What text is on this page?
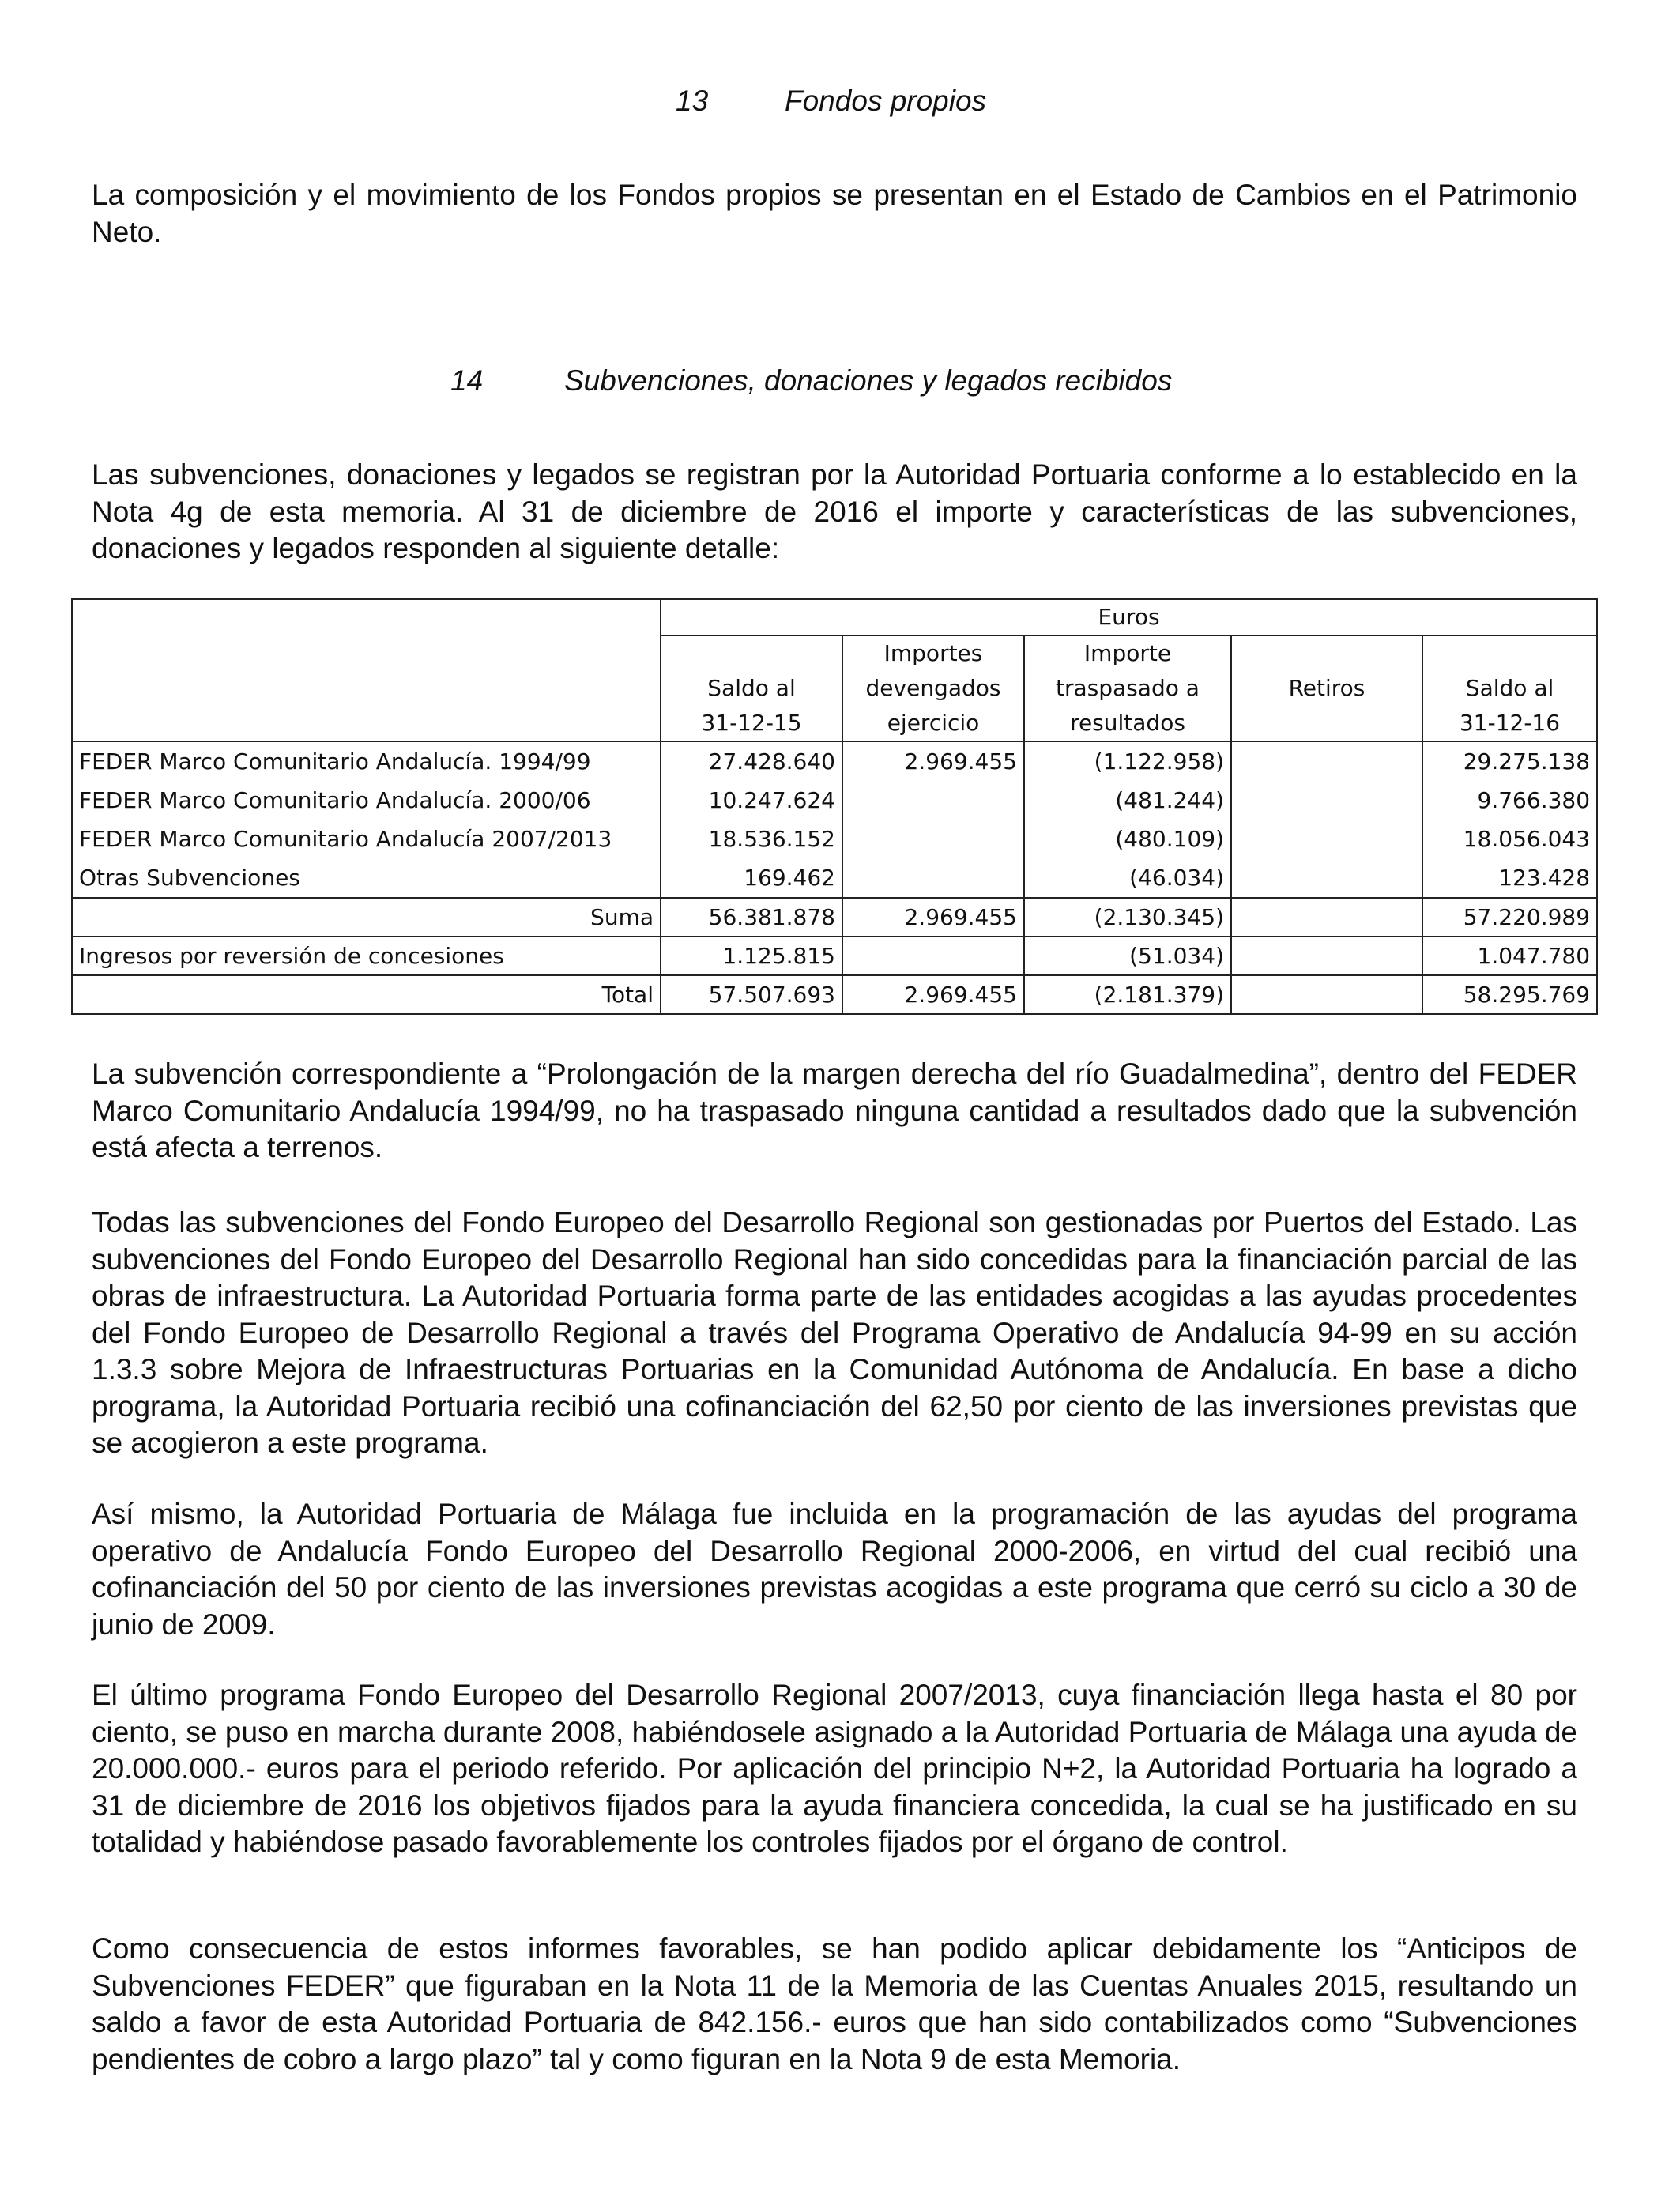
13	Fondos propios
La composición y el movimiento de los Fondos propios se presentan en el Estado de Cambios en el Patrimonio Neto.
14	Subvenciones, donaciones y legados recibidos
Las subvenciones, donaciones y legados se registran por la Autoridad Portuaria conforme a lo establecido en la Nota 4g de esta memoria. Al 31 de diciembre de 2016 el importe y características de las subvenciones, donaciones y legados responden al siguiente detalle:
	Euros				
		Importes	Importe		
	Saldo al	devengados	traspasado a	Retiros	Saldo al
	31-12-15	ejercicio	resultados		31-12-16
FEDER Marco Comunitario Andalucía. 1994/99	27.428.640	2.969.455	(1.122.958)		29.275.138
FEDER Marco Comunitario Andalucía. 2000/06	10.247.624		(481.244)		9.766.380
FEDER Marco Comunitario Andalucía 2007/2013	18.536.152		(480.109)		18.056.043
Otras Subvenciones	169.462		(46.034)		123.428
Suma	56.381.878	2.969.455	(2.130.345)		57.220.989
Ingresos por reversión de concesiones	1.125.815		(51.034)		1.047.780
Total	57.507.693	2.969.455	(2.181.379)		58.295.769
La subvención correspondiente a “Prolongación de la margen derecha del río Guadalmedina”, dentro del FEDER Marco Comunitario Andalucía 1994/99, no ha traspasado ninguna cantidad a resultados dado que la subvención está afecta a terrenos.
Todas las subvenciones del Fondo Europeo del Desarrollo Regional son gestionadas por Puertos del Estado. Las subvenciones del Fondo Europeo del Desarrollo Regional han sido concedidas para la financiación parcial de las obras de infraestructura. La Autoridad Portuaria forma parte de las entidades acogidas a las ayudas procedentes del Fondo Europeo de Desarrollo Regional a través del Programa Operativo de Andalucía 94-99 en su acción 1.3.3 sobre Mejora de Infraestructuras Portuarias en la Comunidad Autónoma de Andalucía. En base a dicho programa, la Autoridad Portuaria recibió una cofinanciación del 62,50 por ciento de las inversiones previstas que se acogieron a este programa.
Así mismo, la Autoridad Portuaria de Málaga fue incluida en la programación de las ayudas del programa operativo de Andalucía Fondo Europeo del Desarrollo Regional 2000-2006, en virtud del cual recibió una cofinanciación del 50 por ciento de las inversiones previstas acogidas a este programa que cerró su ciclo a 30 de junio de 2009.
El último programa Fondo Europeo del Desarrollo Regional 2007/2013, cuya financiación llega hasta el 80 por ciento, se puso en marcha durante 2008, habiéndosele asignado a la Autoridad Portuaria de Málaga una ayuda de 20.000.000.- euros para el periodo referido. Por aplicación del principio N+2, la Autoridad Portuaria ha logrado a 31 de diciembre de 2016 los objetivos fijados para la ayuda financiera concedida, la cual se ha justificado en su totalidad y habiéndose pasado favorablemente los controles fijados por el órgano de control.
Como consecuencia de estos informes favorables, se han podido aplicar debidamente los “Anticipos de Subvenciones FEDER” que figuraban en la Nota 11 de la Memoria de las Cuentas Anuales 2015, resultando un saldo a favor de esta Autoridad Portuaria de 842.156.- euros que han sido contabilizados como “Subvenciones pendientes de cobro a largo plazo” tal y como figuran en la Nota 9 de esta Memoria.
